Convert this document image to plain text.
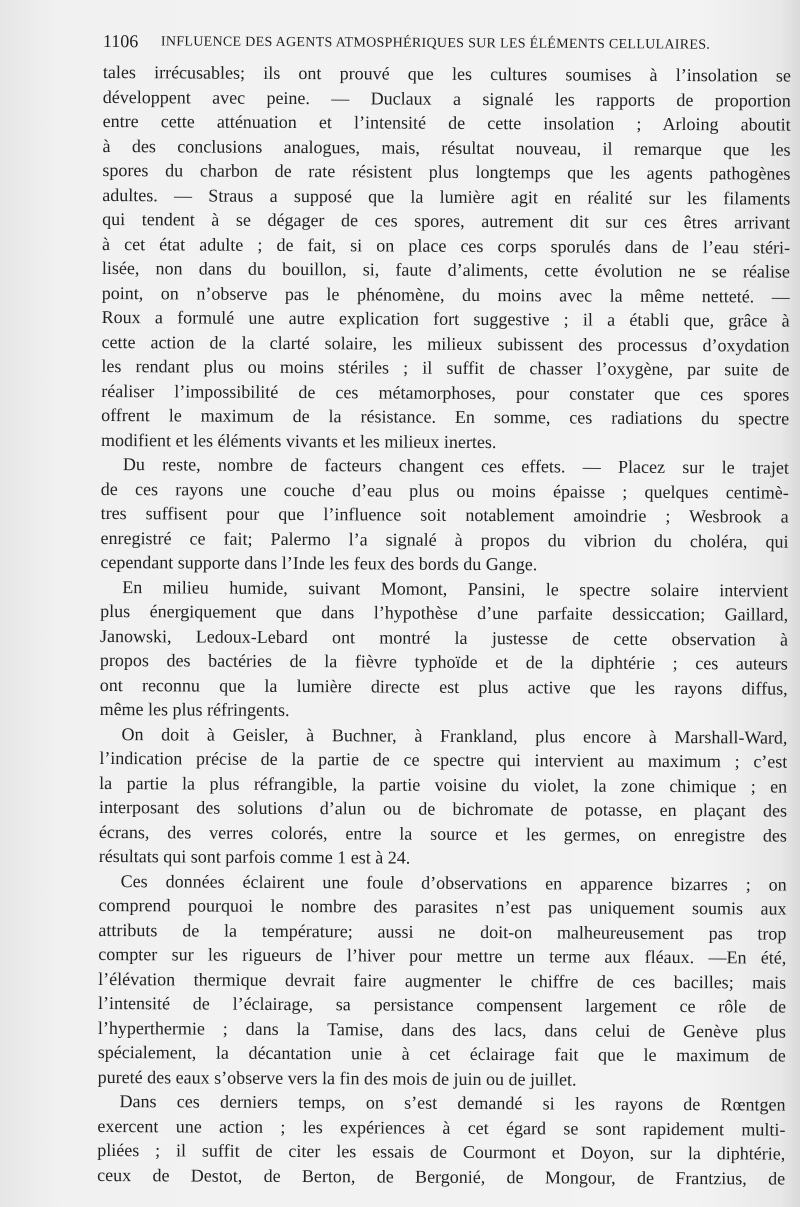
1106 INFLUENCE DES AGENTS ATMOSPHÉRIQUES SUR LES ÉLÉMENTS CELLULAIRES.
tales irrécusables; ils ont prouvé que les cultures soumises à l’insolation se
développent avec peine. — Duclaux a signalé les rapports de proportion
entre cette atténuation et l’intensité de cette insolation ; Arloing aboutit
à des conclusions analogues, mais, résultat nouveau, il remarque que les
spores du charbon de rate résistent plus longtemps que les agents pathogènes
adultes. — Straus a supposé que la lumière agit en réalité sur les filaments
qui tendent à se dégager de ces spores, autrement dit sur ces êtres arrivant
à cet état adulte ; de fait, si on place ces corps sporulés dans de l’eau stéri-
lisée, non dans du bouillon, si, faute d’aliments, cette évolution ne se réalise
point, on n’observe pas le phénomène, du moins avec la même netteté. —
Roux a formulé une autre explication fort suggestive ; il a établi que, grâce à
cette action de la clarté solaire, les milieux subissent des processus d’oxydation
les rendant plus ou moins stériles ; il suffit de chasser l’oxygène, par suite de
réaliser l’impossibilité de ces métamorphoses, pour constater que ces spores
offrent le maximum de la résistance. En somme, ces radiations du spectre
modifient et les éléments vivants et les milieux inertes.
Du reste, nombre de facteurs changent ces effets. — Placez sur le trajet
de ces rayons une couche d’eau plus ou moins épaisse ; quelques centimè-
tres suffisent pour que l’influence soit notablement amoindrie ; Wesbrook a
enregistré ce fait; Palermo l’a signalé à propos du vibrion du choléra, qui
cependant supporte dans l’Inde les feux des bords du Gange.
En milieu humide, suivant Momont, Pansini, le spectre solaire intervient
plus énergiquement que dans l’hypothèse d’une parfaite dessiccation; Gaillard,
Janowski, Ledoux-Lebard ont montré la justesse de cette observation à
propos des bactéries de la fièvre typhoïde et de la diphtérie ; ces auteurs
ont reconnu que la lumière directe est plus active que les rayons diffus,
même les plus réfringents.
On doit à Geisler, à Buchner, à Frankland, plus encore à Marshall-Ward,
l’indication précise de la partie de ce spectre qui intervient au maximum ; c’est
la partie la plus réfrangible, la partie voisine du violet, la zone chimique ; en
interposant des solutions d’alun ou de bichromate de potasse, en plaçant des
écrans, des verres colorés, entre la source et les germes, on enregistre des
résultats qui sont parfois comme 1 est à 24.
Ces données éclairent une foule d’observations en apparence bizarres ; on
comprend pourquoi le nombre des parasites n’est pas uniquement soumis aux
attributs de la température; aussi ne doit-on malheureusement pas trop
compter sur les rigueurs de l’hiver pour mettre un terme aux fléaux. —En été,
l’élévation thermique devrait faire augmenter le chiffre de ces bacilles; mais
l’intensité de l’éclairage, sa persistance compensent largement ce rôle de
l’hyperthermie ; dans la Tamise, dans des lacs, dans celui de Genève plus
spécialement, la décantation unie à cet éclairage fait que le maximum de
pureté des eaux s’observe vers la fin des mois de juin ou de juillet.
Dans ces derniers temps, on s’est demandé si les rayons de Rœntgen
exercent une action ; les expériences à cet égard se sont rapidement multi-
pliées ; il suffit de citer les essais de Courmont et Doyon, sur la diphtérie,
ceux de Destot, de Berton, de Bergonié, de Mongour, de Frantzius, de
